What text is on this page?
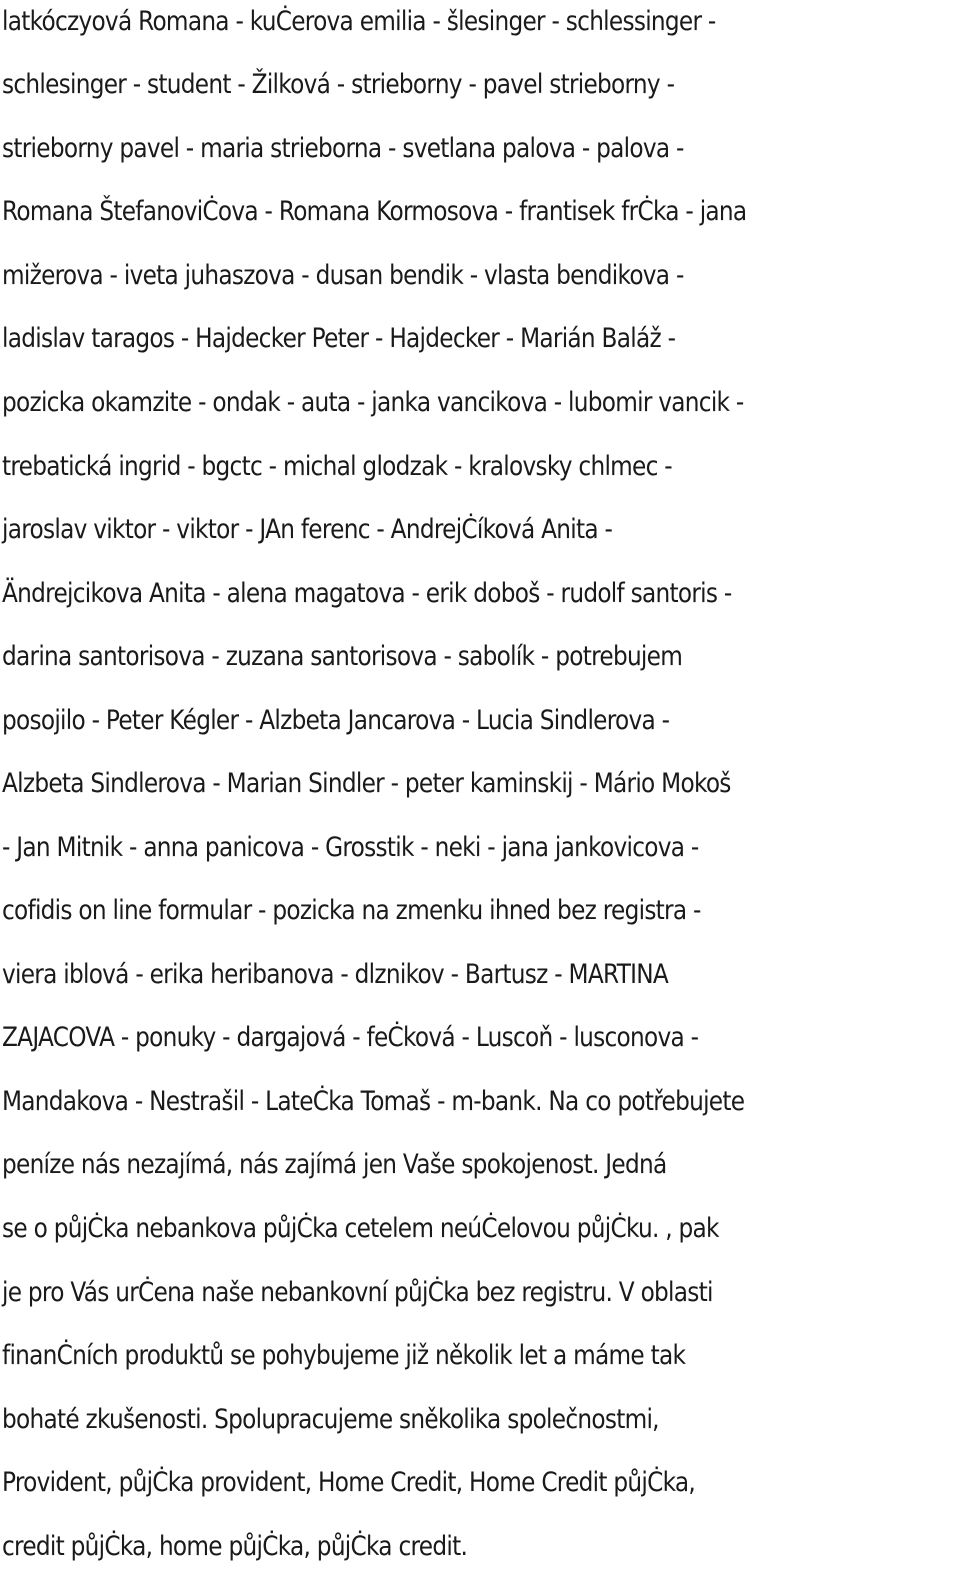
latkóczyová Romana - kuĊerova emilia - šlesinger - schlessinger -
schlesinger - student - Žilková - strieborny - pavel strieborny -
strieborny pavel - maria strieborna - svetlana palova - palova -
Romana ŠtefanoviĊova - Romana Kormosova - frantisek frĊka - jana
mižerova - iveta juhaszova - dusan bendik - vlasta bendikova -
ladislav taragos - Hajdecker Peter - Hajdecker - Marián Baláž -
pozicka okamzite - ondak - auta - janka vancikova - lubomir vancik -
trebatická ingrid - bgctc - michal glodzak - kralovsky chlmec -
jaroslav viktor - viktor - JAn ferenc - AndrejĊíková Anita -
Ändrejcikova Anita - alena magatova - erik doboš - rudolf santoris -
darina santorisova - zuzana santorisova - sabolík - potrebujem
posojilo - Peter Kégler - Alzbeta Jancarova - Lucia Sindlerova -
Alzbeta Sindlerova - Marian Sindler - peter kaminskij - Mário Mokoš
- Jan Mitnik - anna panicova - Grosstik - neki - jana jankovicova -
cofidis on line formular - pozicka na zmenku ihned bez registra -
viera iblová - erika heribanova - dlznikov - Bartusz - MARTINA
ZAJACOVA - ponuky - dargajová - feĊková - Luscoň - lusconova -
Mandakova - Nestrašil - LateĊka Tomaš - m-bank. Na co potřebujete
peníze nás nezajímá, nás zajímá jen Vaše spokojenost. Jedná
se o půjĊka nebankova půjĊka cetelem neúĊelovou půjĊku. , pak
je pro Vás urĊena naše nebankovní půjĊka bez registru. V oblasti
finanĊních produktů se pohybujeme již několik let a máme tak
bohaté zkušenosti. Spolupracujeme sněkolika společnostmi,
Provident, půjĊka provident, Home Credit, Home Credit půjĊka,
credit půjĊka, home půjĊka, půjĊka credit.
